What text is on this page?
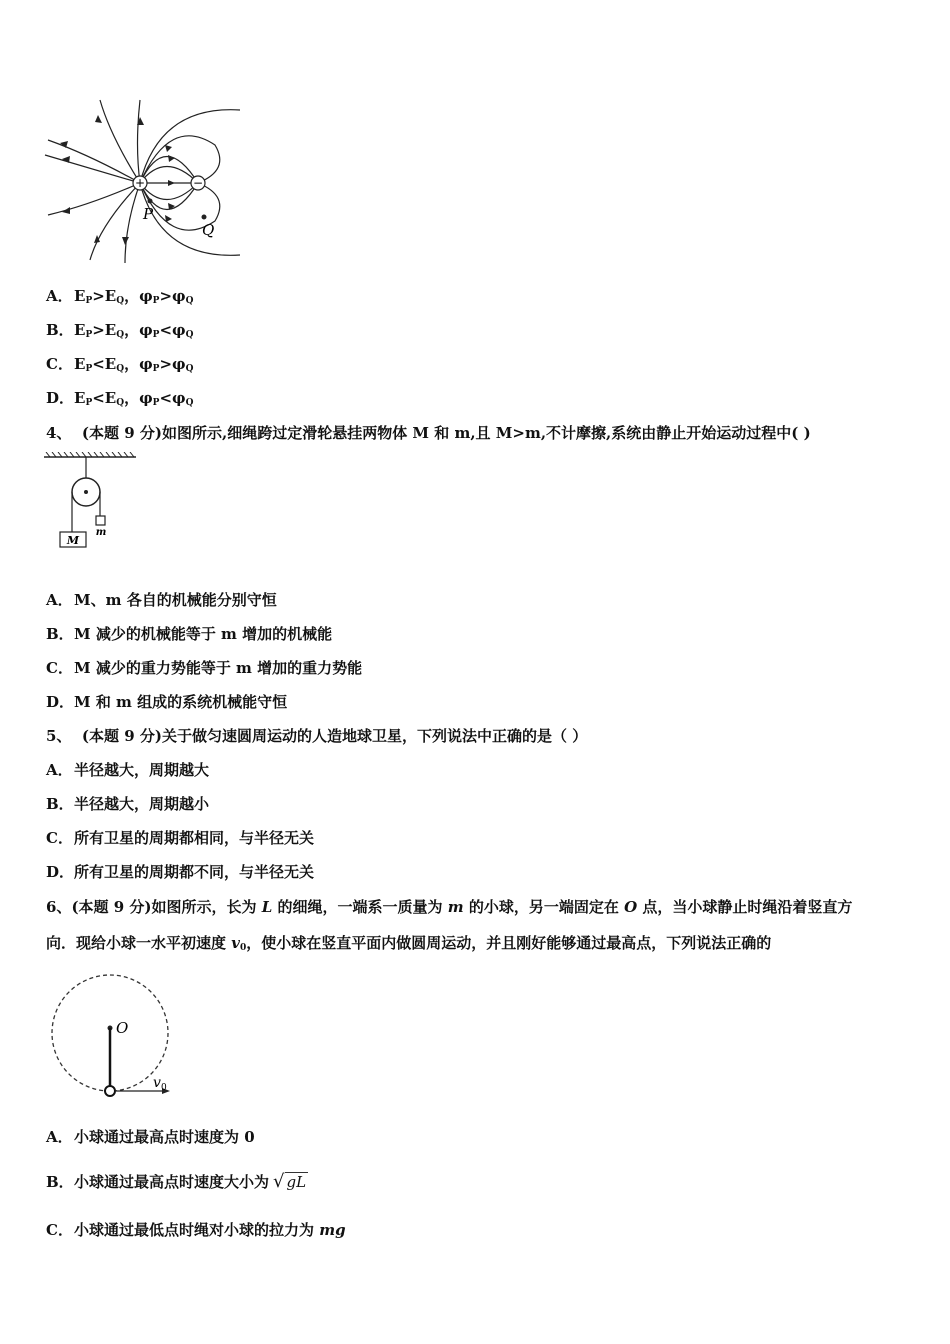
+	−
P
Q
A．$E_P>E_Q$，$\varphi_P>\varphi_Q$
B．$E_P>E_Q$，$\varphi_P<\varphi_Q$
C．$E_P<E_Q$，$\varphi_P>\varphi_Q$
D．$E_P<E_Q$，$\varphi_P<\varphi_Q$
4、 (本题 9 分)如图所示,细绳跨过定滑轮悬挂两物体 M 和 m,且 M>m,不计摩擦,系统由静止开始运动过程中( )
M
m
A．M、m 各自的机械能分别守恒
B．M 减少的机械能等于 m 增加的机械能
C．M 减少的重力势能等于 m 增加的重力势能
D．M 和 m 组成的系统机械能守恒
5、 (本题 9 分)关于做匀速圆周运动的人造地球卫星，下列说法中正确的是（ ）
A．半径越大，周期越大
B．半径越大，周期越小
C．所有卫星的周期都相同，与半径无关
D．所有卫星的周期都不同，与半径无关
6、(本题 9 分)如图所示，长为 L 的细绳，一端系一质量为 m 的小球，另一端固定在 O 点，当小球静止时绳沿着竖直方
向．现给小球一水平初速度 $v_0$，使小球在竖直平面内做圆周运动，并且刚好能够通过最高点，下列说法正确的
O
v 0
A．小球通过最高点时速度为 0
B．小球通过最高点时速度大小为 √ gL
C．小球通过最低点时绳对小球的拉力为 mg
